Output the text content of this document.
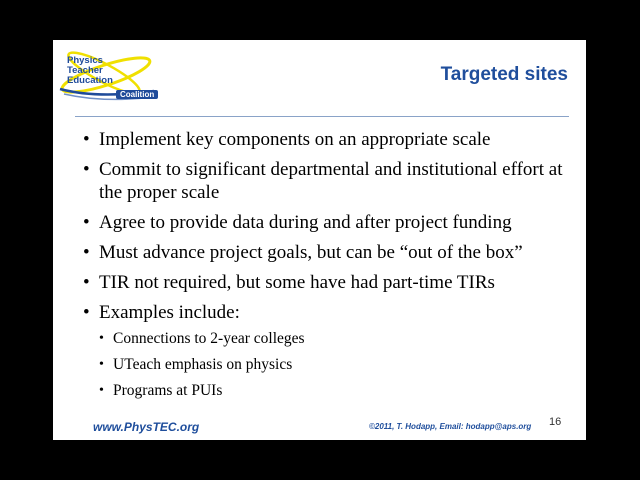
Physics
Teacher
Education
Coalition
Targeted sites
• Implement key components on an appropriate scale
• Commit to significant departmental and institutional effort at the proper scale
• Agree to provide data during and after project funding
• Must advance project goals, but can be “out of the box”
• TIR not required, but some have had part-time TIRs
• Examples include:
• Connections to 2-year colleges
• UTeach emphasis on physics
• Programs at PUIs
www.PhysTEC.org	©2011, T. Hodapp, Email: hodapp@aps.org 16
